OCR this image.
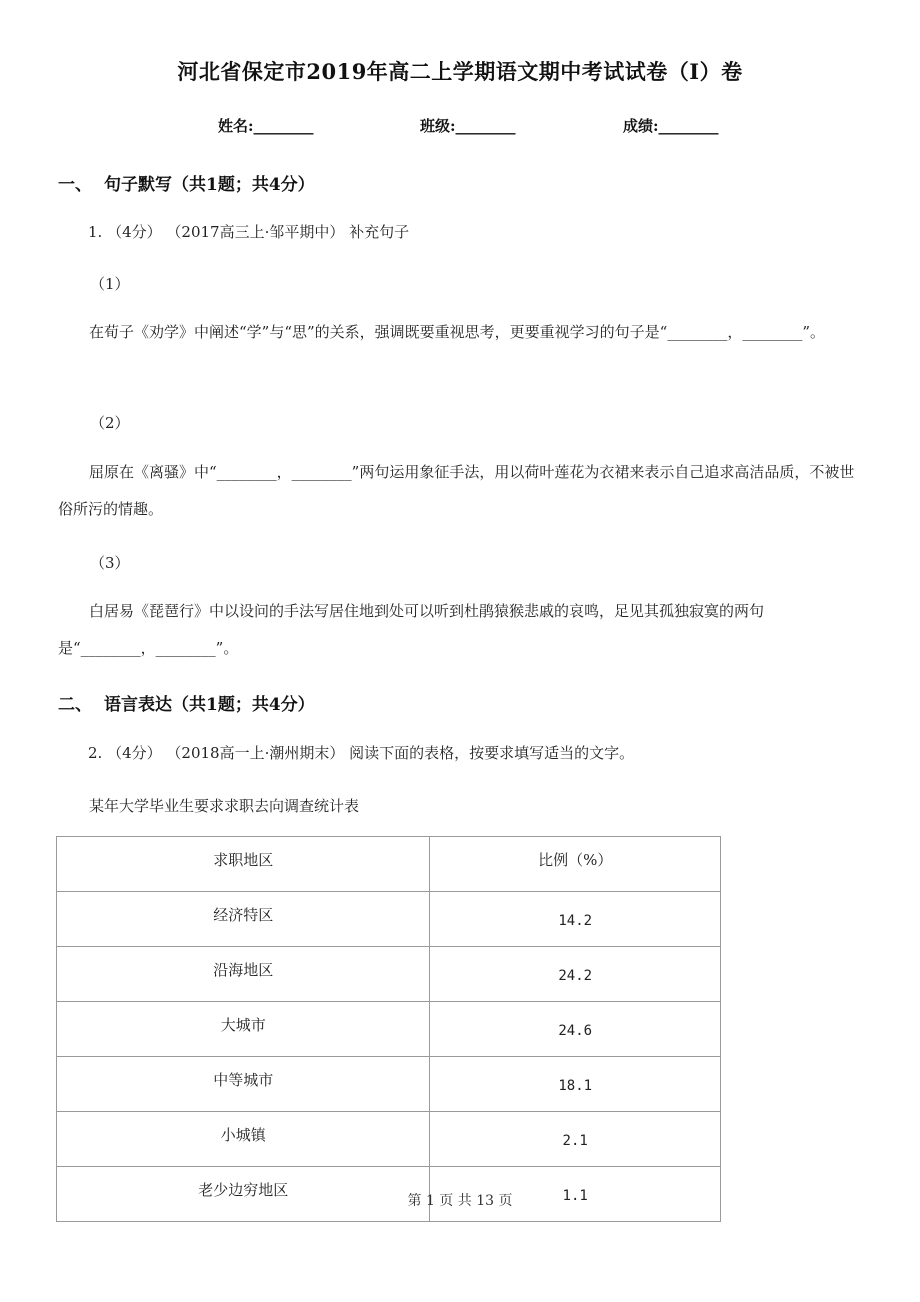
河北省保定市2019年高二上学期语文期中考试试卷（I）卷
姓名:________	班级:________	成绩:________
一、 句子默写（共1题；共4分）
1. （4分） （2017高三上·邹平期中） 补充句子
（1）
在荀子《劝学》中阐述“学”与“思”的关系，强调既要重视思考，更要重视学习的句子是“________，________”。
（2）
屈原在《离骚》中“________，________”两句运用象征手法，用以荷叶莲花为衣裙来表示自己追求高洁品质，不被世俗所污的情趣。
（3）
白居易《琵琶行》中以设问的手法写居住地到处可以听到杜鹃猿猴悲戚的哀鸣，足见其孤独寂寞的两句是“________，________”。
二、 语言表达（共1题；共4分）
2. （4分） （2018高一上·潮州期末） 阅读下面的表格，按要求填写适当的文字。
某年大学毕业生要求求职去向调查统计表
求职地区	比例（%）
经济特区	14.2
沿海地区	24.2
大城市	24.6
中等城市	18.1
小城镇	2.1
老少边穷地区	1.1
第 1 页 共 13 页
